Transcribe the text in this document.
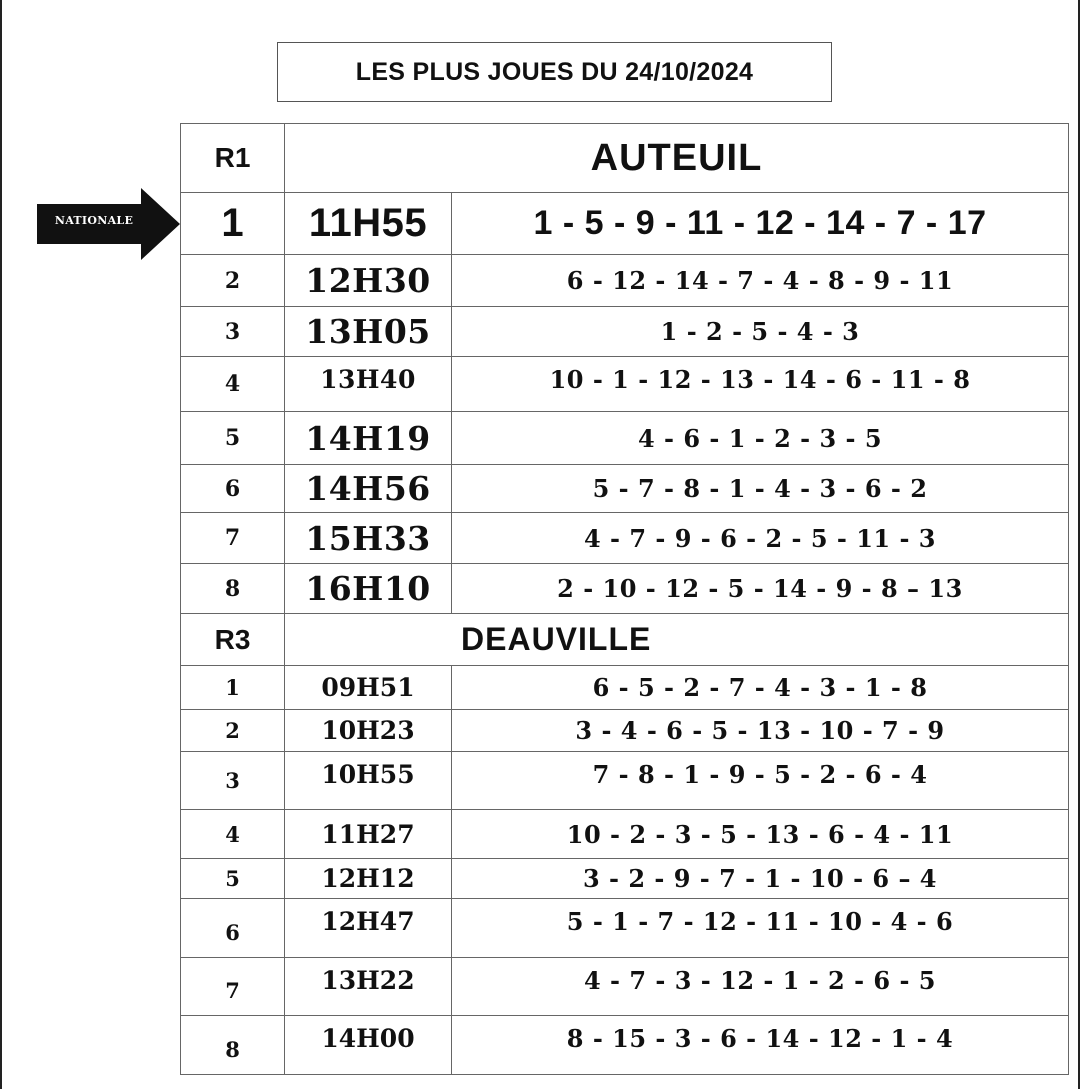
LES PLUS JOUES DU 24/10/2024
NATIONALE
R1	AUTEUIL	
1	11H55	1 - 5 - 9 - 11 - 12 - 14 - 7 - 17
2	12H30	6 - 12 - 14 - 7 - 4 - 8 - 9 - 11
3	13H05	1 - 2 - 5 - 4 - 3
4	13H40	10 - 1 - 12 - 13 - 14 - 6 - 11 - 8
5	14H19	4 - 6 - 1 - 2 - 3 - 5
6	14H56	5 - 7 - 8 - 1 - 4 - 3 - 6 - 2
7	15H33	4 - 7 - 9 - 6 - 2 - 5 - 11 - 3
8	16H10	2 - 10 - 12 - 5 - 14 - 9 - 8 – 13
R3	DEAUVILLE	
1	09H51	6 - 5 - 2 - 7 - 4 - 3 - 1 - 8
2	10H23	3 - 4 - 6 - 5 - 13 - 10 - 7 - 9
3	10H55	7 - 8 - 1 - 9 - 5 - 2 - 6 - 4
4	11H27	10 - 2 - 3 - 5 - 13 - 6 - 4 - 11
5	12H12	3 - 2 - 9 - 7 - 1 - 10 - 6 – 4
6	12H47	5 - 1 - 7 - 12 - 11 - 10 - 4 - 6
7	13H22	4 - 7 - 3 - 12 - 1 - 2 - 6 - 5
8	14H00	8 - 15 - 3 - 6 - 14 - 12 - 1 - 4
